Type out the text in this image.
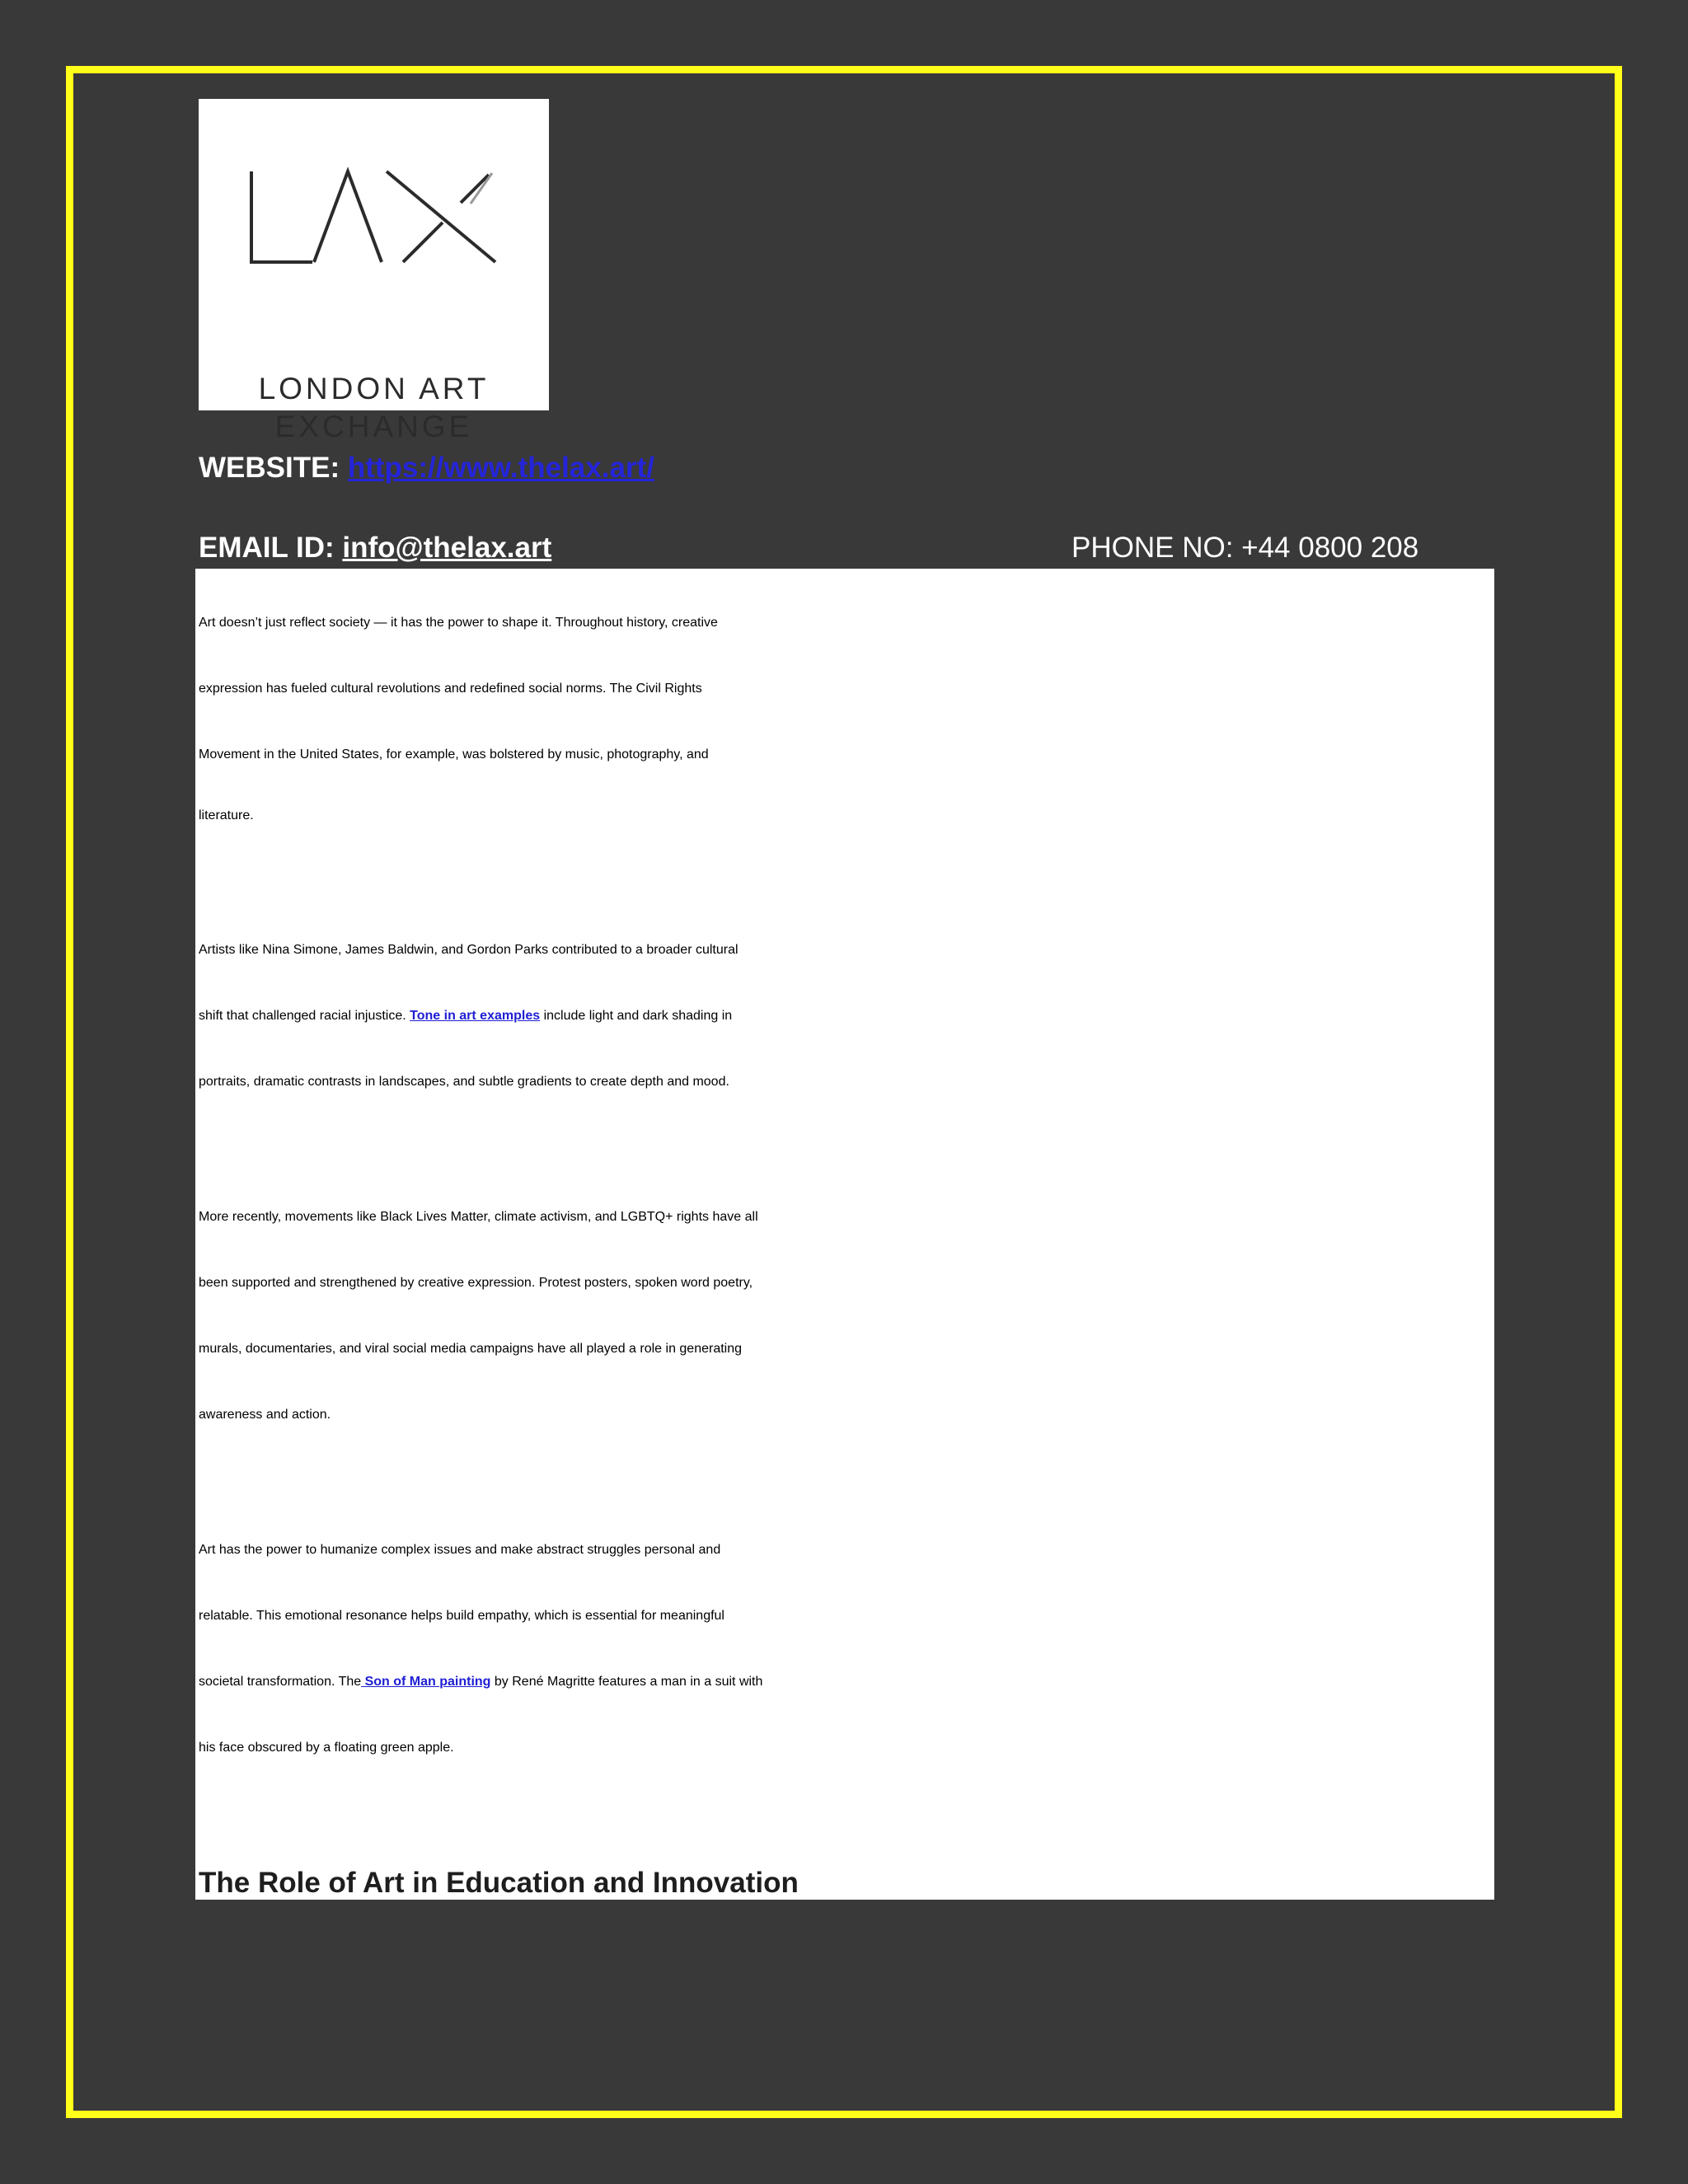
LONDON ART
EXCHANGE
WEBSITE: https://www.thelax.art/
EMAIL ID: info@thelax.art	PHONE NO: +44 0800 208
Art doesn’t just reflect society — it has the power to shape it. Throughout history, creative
expression has fueled cultural revolutions and redefined social norms. The Civil Rights
Movement in the United States, for example, was bolstered by music, photography, and
literature.
Artists like Nina Simone, James Baldwin, and Gordon Parks contributed to a broader cultural
shift that challenged racial injustice. Tone in art examples include light and dark shading in
portraits, dramatic contrasts in landscapes, and subtle gradients to create depth and mood.
More recently, movements like Black Lives Matter, climate activism, and LGBTQ+ rights have all
been supported and strengthened by creative expression. Protest posters, spoken word poetry,
murals, documentaries, and viral social media campaigns have all played a role in generating
awareness and action.
Art has the power to humanize complex issues and make abstract struggles personal and
relatable. This emotional resonance helps build empathy, which is essential for meaningful
societal transformation. The Son of Man painting by René Magritte features a man in a suit with
his face obscured by a floating green apple.
The Role of Art in Education and Innovation
